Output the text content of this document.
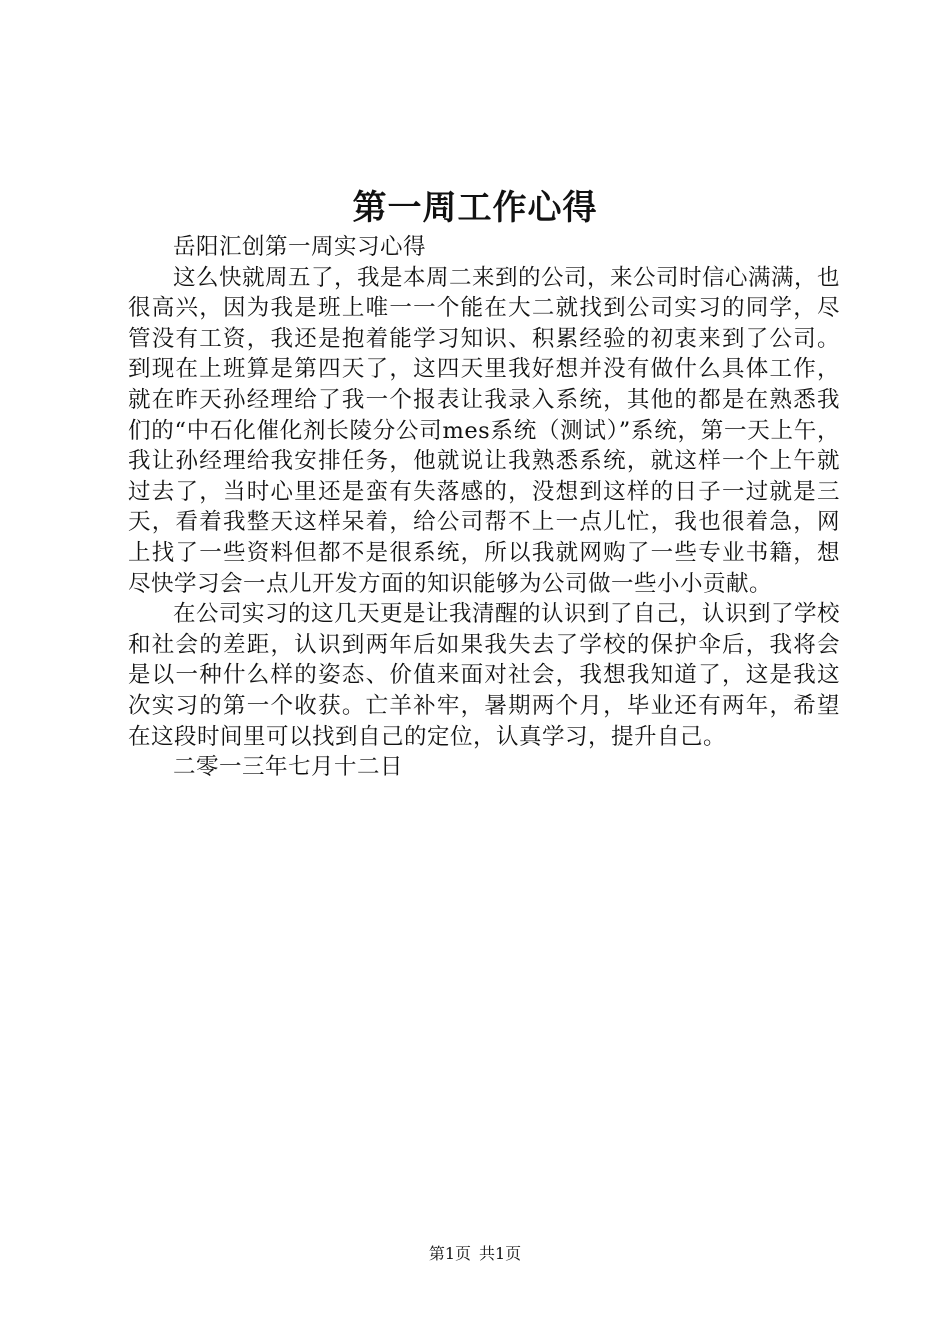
第一周工作心得

岳阳汇创第一周实习心得

这么快就周五了，我是本周二来到的公司，来公司时信心满满，也很高兴，因为我是班上唯一一个能在大二就找到公司实习的同学，尽管没有工资，我还是抱着能学习知识、积累经验的初衷来到了公司。到现在上班算是第四天了，这四天里我好想并没有做什么具体工作，就在昨天孙经理给了我一个报表让我录入系统，其他的都是在熟悉我们的“中石化催化剂长陵分公司mes系统（测试）”系统，第一天上午，我让孙经理给我安排任务，他就说让我熟悉系统，就这样一个上午就过去了，当时心里还是蛮有失落感的，没想到这样的日子一过就是三天，看着我整天这样呆着，给公司帮不上一点儿忙，我也很着急，网上找了一些资料但都不是很系统，所以我就网购了一些专业书籍，想尽快学习会一点儿开发方面的知识能够为公司做一些小小贡献。

在公司实习的这几天更是让我清醒的认识到了自己，认识到了学校和社会的差距，认识到两年后如果我失去了学校的保护伞后，我将会是以一种什么样的姿态、价值来面对社会，我想我知道了，这是我这次实习的第一个收获。亡羊补牢，暑期两个月，毕业还有两年，希望在这段时间里可以找到自己的定位，认真学习，提升自己。

二零一三年七月十二日

第1页 共1页
